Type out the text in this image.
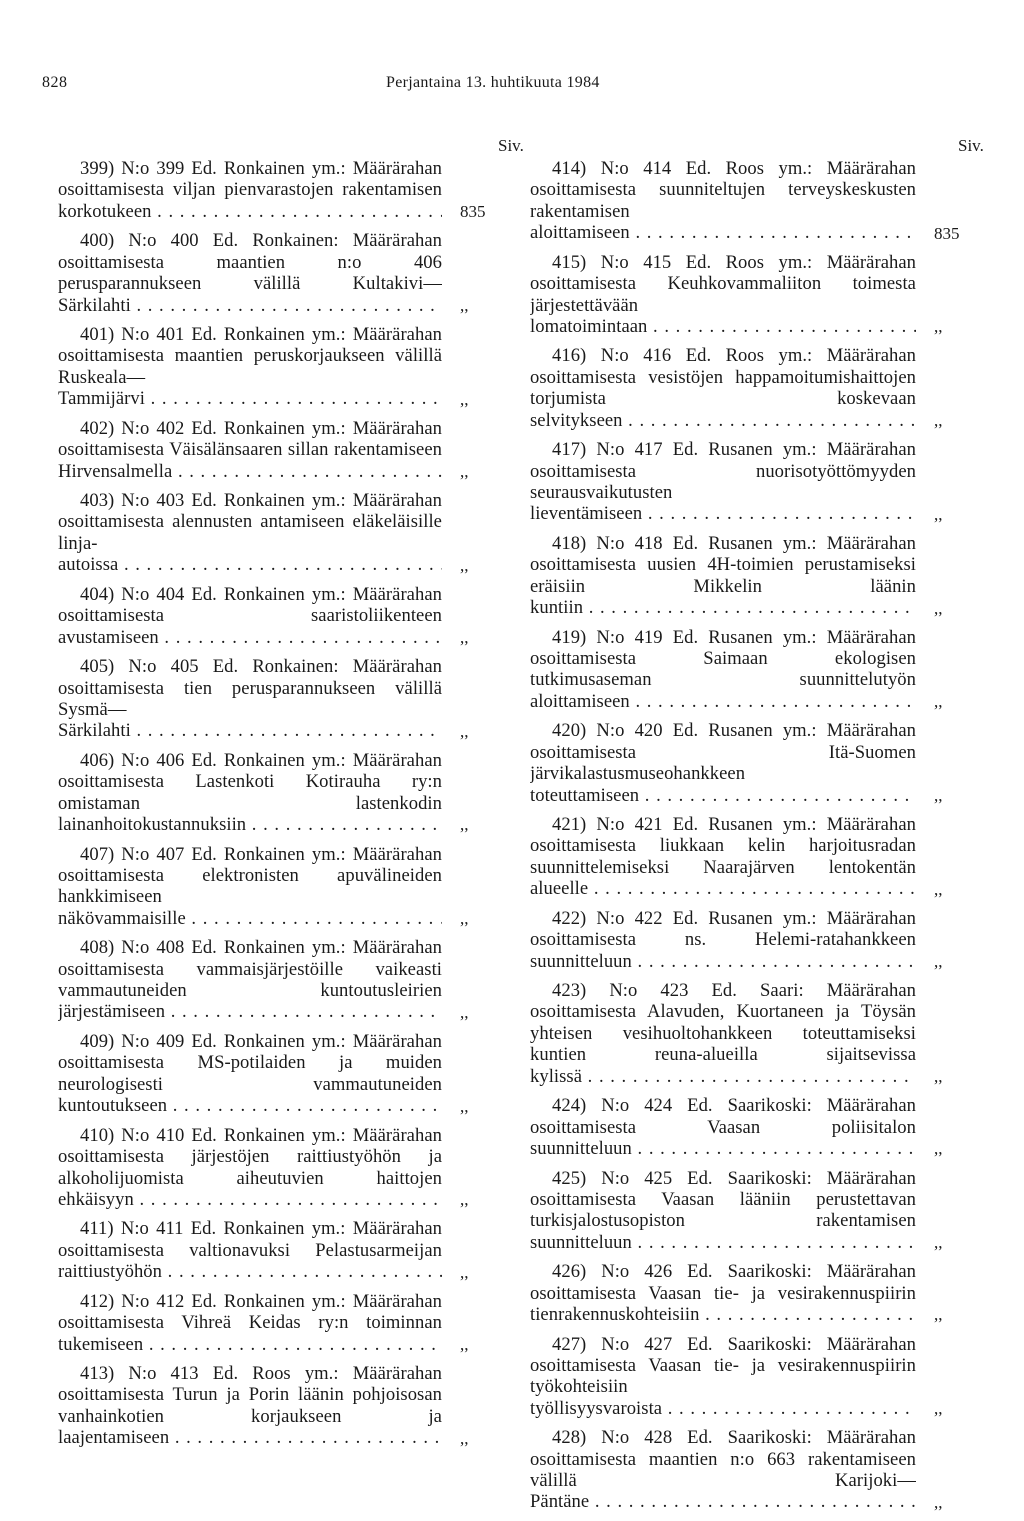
828	Perjantaina 13. huhtikuuta 1984
Siv.
399) N:o 399 Ed. Ronkainen ym.: Määrärahan osoittamisesta viljan pienvarastojen rakentamisen korkotukeen . . .	835
400) N:o 400 Ed. Ronkainen: Määrärahan osoittamisesta maantien n:o 406 perusparannukseen välillä Kultakivi—Särkilahti . . .	,,
401) N:o 401 Ed. Ronkainen ym.: Määrärahan osoittamisesta maantien peruskorjaukseen välillä Ruskeala—Tammijärvi . . .	,,
402) N:o 402 Ed. Ronkainen ym.: Määrärahan osoittamisesta Väisälänsaaren sillan rakentamiseen Hirvensalmella . . .	,,
403) N:o 403 Ed. Ronkainen ym.: Määrärahan osoittamisesta alennusten antamiseen eläkeläisille linja-autoissa . . .	,,
404) N:o 404 Ed. Ronkainen ym.: Määrärahan osoittamisesta saaristoliikenteen avustamiseen . . .	,,
405) N:o 405 Ed. Ronkainen: Määrärahan osoittamisesta tien perusparannukseen välillä Sysmä—Särkilahti . . .	,,
406) N:o 406 Ed. Ronkainen ym.: Määrärahan osoittamisesta Lastenkoti Kotirauha ry:n omistaman lastenkodin lainanhoitokustannuksiin . . .	,,
407) N:o 407 Ed. Ronkainen ym.: Määrärahan osoittamisesta elektronisten apuvälineiden hankkimiseen näkövammaisille . . .	,,
408) N:o 408 Ed. Ronkainen ym.: Määrärahan osoittamisesta vammaisjärjestöille vaikeasti vammautuneiden kuntoutusleirien järjestämiseen . . .	,,
409) N:o 409 Ed. Ronkainen ym.: Määrärahan osoittamisesta MS-potilaiden ja muiden neurologisesti vammautuneiden kuntoutukseen . . .	,,
410) N:o 410 Ed. Ronkainen ym.: Määrärahan osoittamisesta järjestöjen raittiustyöhön ja alkoholijuomista aiheutuvien haittojen ehkäisyyn . . .	,,
411) N:o 411 Ed. Ronkainen ym.: Määrärahan osoittamisesta valtionavuksi Pelastusarmeijan raittiustyöhön . . .	,,
412) N:o 412 Ed. Ronkainen ym.: Määrärahan osoittamisesta Vihreä Keidas ry:n toiminnan tukemiseen . . .	,,
413) N:o 413 Ed. Roos ym.: Määrärahan osoittamisesta Turun ja Porin läänin pohjoisosan vanhainkotien korjaukseen ja laajentamiseen . . .	,,
Siv.
414) N:o 414 Ed. Roos ym.: Määrärahan osoittamisesta suunniteltujen terveyskeskusten rakentamisen aloittamiseen . . .	835
415) N:o 415 Ed. Roos ym.: Määrärahan osoittamisesta Keuhkovammaliiton toimesta järjestettävään lomatoimintaan . . .	,,
416) N:o 416 Ed. Roos ym.: Määrärahan osoittamisesta vesistöjen happamoitumishaittojen torjumista koskevaan selvitykseen . . .	,,
417) N:o 417 Ed. Rusanen ym.: Määrärahan osoittamisesta nuorisotyöttömyyden seurausvaikutusten lieventämiseen . . .	,,
418) N:o 418 Ed. Rusanen ym.: Määrärahan osoittamisesta uusien 4H-toimien perustamiseksi eräisiin Mikkelin läänin kuntiin . . .	,,
419) N:o 419 Ed. Rusanen ym.: Määrärahan osoittamisesta Saimaan ekologisen tutkimusaseman suunnittelutyön aloittamiseen . . .	,,
420) N:o 420 Ed. Rusanen ym.: Määrärahan osoittamisesta Itä-Suomen järvikalastusmuseohankkeen toteuttamiseen . . .	,,
421) N:o 421 Ed. Rusanen ym.: Määrärahan osoittamisesta liukkaan kelin harjoitusradan suunnittelemiseksi Naarajärven lentokentän alueelle . . .	,,
422) N:o 422 Ed. Rusanen ym.: Määrärahan osoittamisesta ns. Helemi-ratahankkeen suunnitteluun . . .	,,
423) N:o 423 Ed. Saari: Määrärahan osoittamisesta Alavuden, Kuortaneen ja Töysän yhteisen vesihuoltohankkeen toteuttamiseksi kuntien reuna-alueilla sijaitsevissa kylissä . . .	,,
424) N:o 424 Ed. Saarikoski: Määrärahan osoittamisesta Vaasan poliisitalon suunnitteluun . . .	,,
425) N:o 425 Ed. Saarikoski: Määrärahan osoittamisesta Vaasan lääniin perustettavan turkisjalostusopiston rakentamisen suunnitteluun . . .	,,
426) N:o 426 Ed. Saarikoski: Määrärahan osoittamisesta Vaasan tie- ja vesirakennuspiirin tienrakennuskohteisiin . . .	,,
427) N:o 427 Ed. Saarikoski: Määrärahan osoittamisesta Vaasan tie- ja vesirakennuspiirin työkohteisiin työllisyysvaroista . . .	,,
428) N:o 428 Ed. Saarikoski: Määrärahan osoittamisesta maantien n:o 663 rakentamiseen välillä Karijoki—Päntäne . . .	,,
